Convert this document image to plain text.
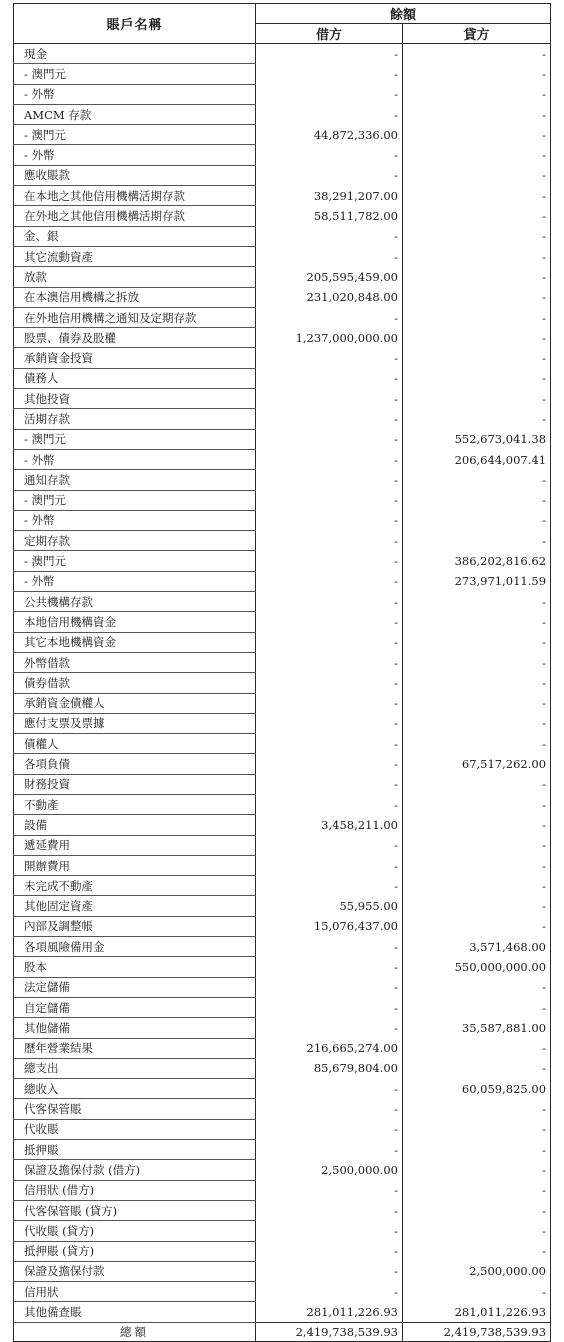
賬戶名稱	餘額	
	借方	貸方
現金	-	-
- 澳門元	-	-
- 外幣	-	-
AMCM 存款	-	-
- 澳門元	44,872,336.00	-
- 外幣	-	-
應收賬款	-	-
在本地之其他信用機構活期存款	38,291,207.00	-
在外地之其他信用機構活期存款	58,511,782.00	-
金、銀	-	-
其它流動資產	-	-
放款	205,595,459.00	-
在本澳信用機構之拆放	231,020,848.00	-
在外地信用機構之通知及定期存款	-	-
股票、債券及股權	1,237,000,000.00	-
承銷資金投資	-	-
債務人	-	-
其他投資	-	-
活期存款	-	-
- 澳門元	-	552,673,041.38
- 外幣	-	206,644,007.41
通知存款	-	-
- 澳門元	-	-
- 外幣	-	-
定期存款	-	-
- 澳門元	-	386,202,816.62
- 外幣	-	273,971,011.59
公共機構存款	-	-
本地信用機構資金	-	-
其它本地機構資金	-	-
外幣借款	-	-
債券借款	-	-
承銷資金債權人	-	-
應付支票及票據	-	-
債權人	-	-
各項負債	-	67,517,262.00
財務投資	-	-
不動產	-	-
設備	3,458,211.00	-
遞延費用	-	-
開辦費用	-	-
未完成不動產	-	-
其他固定資產	55,955.00	-
內部及調整帳	15,076,437.00	-
各項風險備用金	-	3,571,468.00
股本	-	550,000,000.00
法定儲備	-	-
自定儲備	-	-
其他儲備	-	35,587,881.00
歷年營業結果	216,665,274.00	-
總支出	85,679,804.00	-
總收入	-	60,059,825.00
代客保管賬	-	-
代收賬	-	-
抵押賬	-	-
保證及擔保付款 (借方)	2,500,000.00	-
信用狀 (借方)	-	-
代客保管賬 (貸方)	-	-
代收賬 (貸方)	-	-
抵押賬 (貸方)	-	-
保證及擔保付款	-	2,500,000.00
信用狀	-	-
其他備查賬	281,011,226.93	281,011,226.93
總額	2,419,738,539.93	2,419,738,539.93
